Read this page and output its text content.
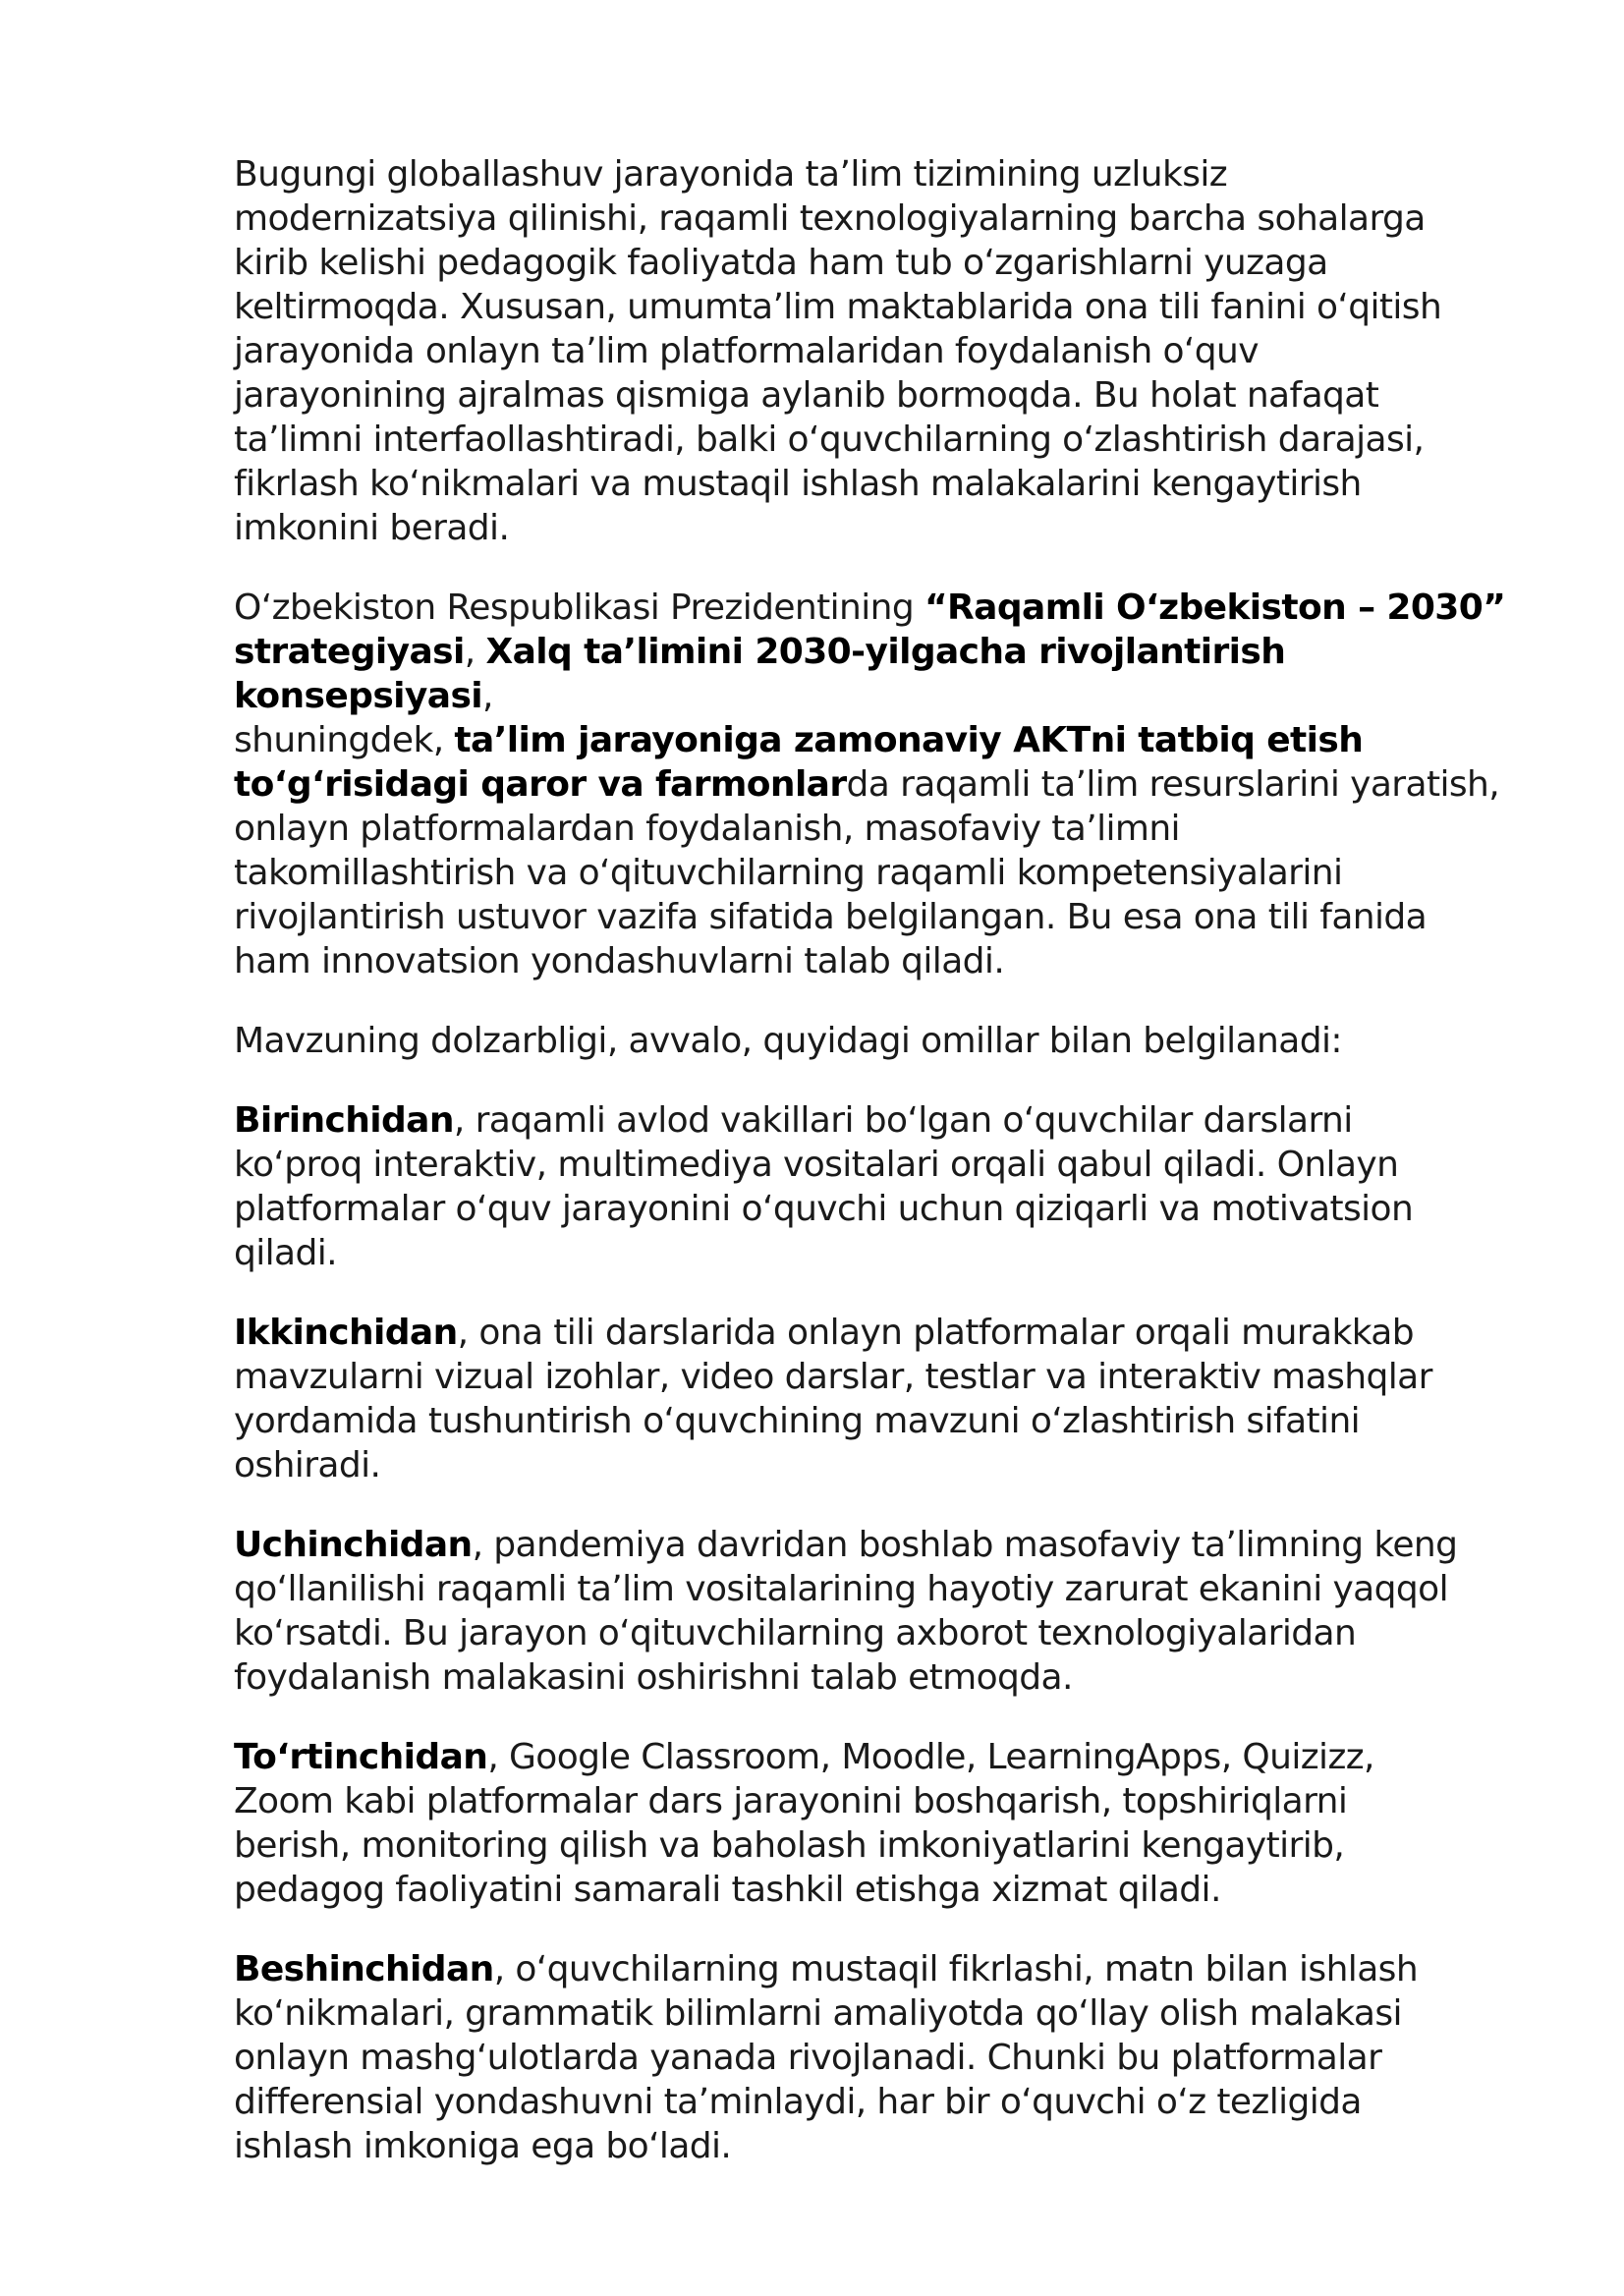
Bugungi globallashuv jarayonida ta’lim tizimining uzluksiz
modernizatsiya qilinishi, raqamli texnologiyalarning barcha sohalarga
kirib kelishi pedagogik faoliyatda ham tub o‘zgarishlarni yuzaga
keltirmoqda. Xususan, umumta’lim maktablarida ona tili fanini o‘qitish
jarayonida onlayn ta’lim platformalaridan foydalanish o‘quv
jarayonining ajralmas qismiga aylanib bormoqda. Bu holat nafaqat
ta’limni interfaollashtiradi, balki o‘quvchilarning o‘zlashtirish darajasi,
fikrlash ko‘nikmalari va mustaqil ishlash malakalarini kengaytirish
imkonini beradi.

O‘zbekiston Respublikasi Prezidentining “Raqamli O‘zbekiston – 2030”
strategiyasi, Xalq ta’limini 2030-yilgacha rivojlantirish konsepsiyasi,
shuningdek, ta’lim jarayoniga zamonaviy AKTni tatbiq etish
to‘g‘risidagi qaror va farmonlarda raqamli ta’lim resurslarini yaratish,
onlayn platformalardan foydalanish, masofaviy ta’limni
takomillashtirish va o‘qituvchilarning raqamli kompetensiyalarini
rivojlantirish ustuvor vazifa sifatida belgilangan. Bu esa ona tili fanida
ham innovatsion yondashuvlarni talab qiladi.

Mavzuning dolzarbligi, avvalo, quyidagi omillar bilan belgilanadi:

Birinchidan, raqamli avlod vakillari bo‘lgan o‘quvchilar darslarni
ko‘proq interaktiv, multimediya vositalari orqali qabul qiladi. Onlayn
platformalar o‘quv jarayonini o‘quvchi uchun qiziqarli va motivatsion
qiladi.

Ikkinchidan, ona tili darslarida onlayn platformalar orqali murakkab
mavzularni vizual izohlar, video darslar, testlar va interaktiv mashqlar
yordamida tushuntirish o‘quvchining mavzuni o‘zlashtirish sifatini
oshiradi.

Uchinchidan, pandemiya davridan boshlab masofaviy ta’limning keng
qo‘llanilishi raqamli ta’lim vositalarining hayotiy zarurat ekanini yaqqol
ko‘rsatdi. Bu jarayon o‘qituvchilarning axborot texnologiyalaridan
foydalanish malakasini oshirishni talab etmoqda.

To‘rtinchidan, Google Classroom, Moodle, LearningApps, Quizizz,
Zoom kabi platformalar dars jarayonini boshqarish, topshiriqlarni
berish, monitoring qilish va baholash imkoniyatlarini kengaytirib,
pedagog faoliyatini samarali tashkil etishga xizmat qiladi.

Beshinchidan, o‘quvchilarning mustaqil fikrlashi, matn bilan ishlash
ko‘nikmalari, grammatik bilimlarni amaliyotda qo‘llay olish malakasi
onlayn mashg‘ulotlarda yanada rivojlanadi. Chunki bu platformalar
differensial yondashuvni ta’minlaydi, har bir o‘quvchi o‘z tezligida
ishlash imkoniga ega bo‘ladi.
